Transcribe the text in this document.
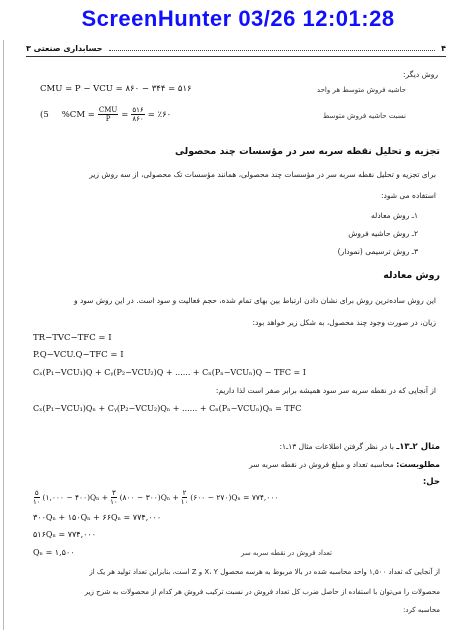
ScreenHunter 03/26 12:01:28
۴
حسابداری صنعتی ۳
روش دیگر:
CMU = P − VCU = ۸۶۰ − ۳۴۴ = ۵۱۶	حاشیه فروش متوسط هر واحد
(5 $\%CM = \frac{\text{CMU}}{P} = \frac{۵۱۶}{۸۶۰}$ = ٪۶۰	نسبت حاشیه فروش متوسط
تجزیه و تحلیل نقطه سربه سر در مؤسسات چند محصولی
برای تجزیه و تحلیل نقطه سربه سر در مؤسسات چند محصولی، همانند مؤسسات تک محصولی، از سه روش زیر
استفاده می شود:
۱ـ روش معادله
۲ـ روش حاشیه فروش
۳ـ روش ترسیمی (نمودار)
روش معادله
این روش ساده‌ترین روش برای نشان دادن ارتباط بین بهای تمام شده، حجم فعالیت و سود است. در این روش سود و
زیان، در صورت وجود چند محصول، به شکل زیر خواهد بود:
TR−TVC−TFC = I
P.Q−VCU.Q−TFC = I
Cₓ(P₁−VCU₁)Q + Cᵧ(P₂−VCU₂)Q + ...... + Cₙ(Pₙ−VCUₙ)Q − TFC = I
از آنجایی که در نقطه سربه سر سود همیشه برابر صفر است لذا داریم:
Cₓ(P₁−VCU₁)Qₙ + Cᵧ(P₂−VCU₂)Qₙ + ...... + Cₙ(Pₙ−VCUₙ)Qₙ = TFC
مثال ۲ـ۱۳ـ با در نظر گرفتن اطلاعات مثال ۱۳ـ۱:
مطلوبست: محاسبه تعداد و مبلغ فروش در نقطه سربه سر
حل:
$\frac{۵}{۱۰}$ (۱,۰۰۰ − ۴۰۰)Qₙ + $\frac{۳}{۱۰}$ (۸۰۰ − ۳۰۰)Qₙ + $\frac{۲}{۱۰}$ (۶۰۰ − ۲۷۰)Qₙ = ۷۷۴,۰۰۰
۳۰۰Qₙ + ۱۵۰Qₙ + ۶۶Qₙ = ۷۷۴,۰۰۰
۵۱۶Qₙ = ۷۷۴,۰۰۰
Qₙ = ۱,۵۰۰	تعداد فروش در نقطه سربه سر
از آنجایی که تعداد ۱,۵۰۰ واحد محاسبه شده در بالا مربوط به هرسه محصول X، Y و Z است، بنابراین تعداد تولید هر یک از
محصولات را می‌توان با استفاده از حاصل ضرب کل تعداد فروش در نسبت ترکیب فروش هر کدام از محصولات به شرح زیر
محاسبه کرد:
